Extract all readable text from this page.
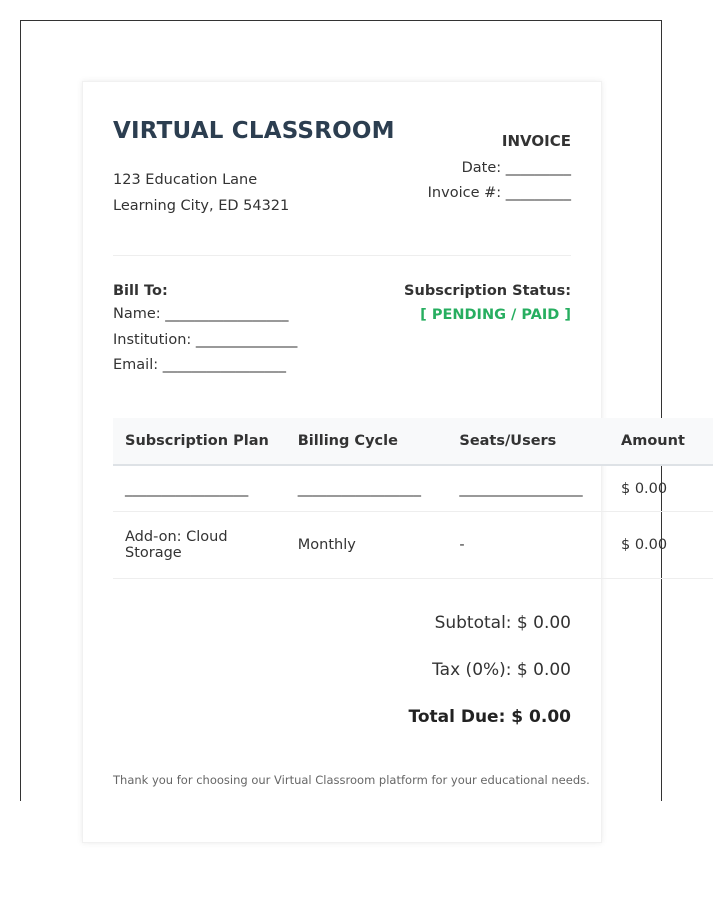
VIRTUAL CLASSROOM
123 Education Lane
Learning City, ED 54321
INVOICE
Date: _________
Invoice #: _________
Bill To:
Name: _________________
Institution: ______________
Email: _________________
Subscription Status:
[ PENDING / PAID ]
Subscription Plan	Billing Cycle	Seats/Users	Amount
_________________	_________________	_________________	$ 0.00
Add-on: Cloud Storage	Monthly	-	$ 0.00
Subtotal: $ 0.00
Tax (0%): $ 0.00
Total Due: $ 0.00
Thank you for choosing our Virtual Classroom platform for your educational needs.
